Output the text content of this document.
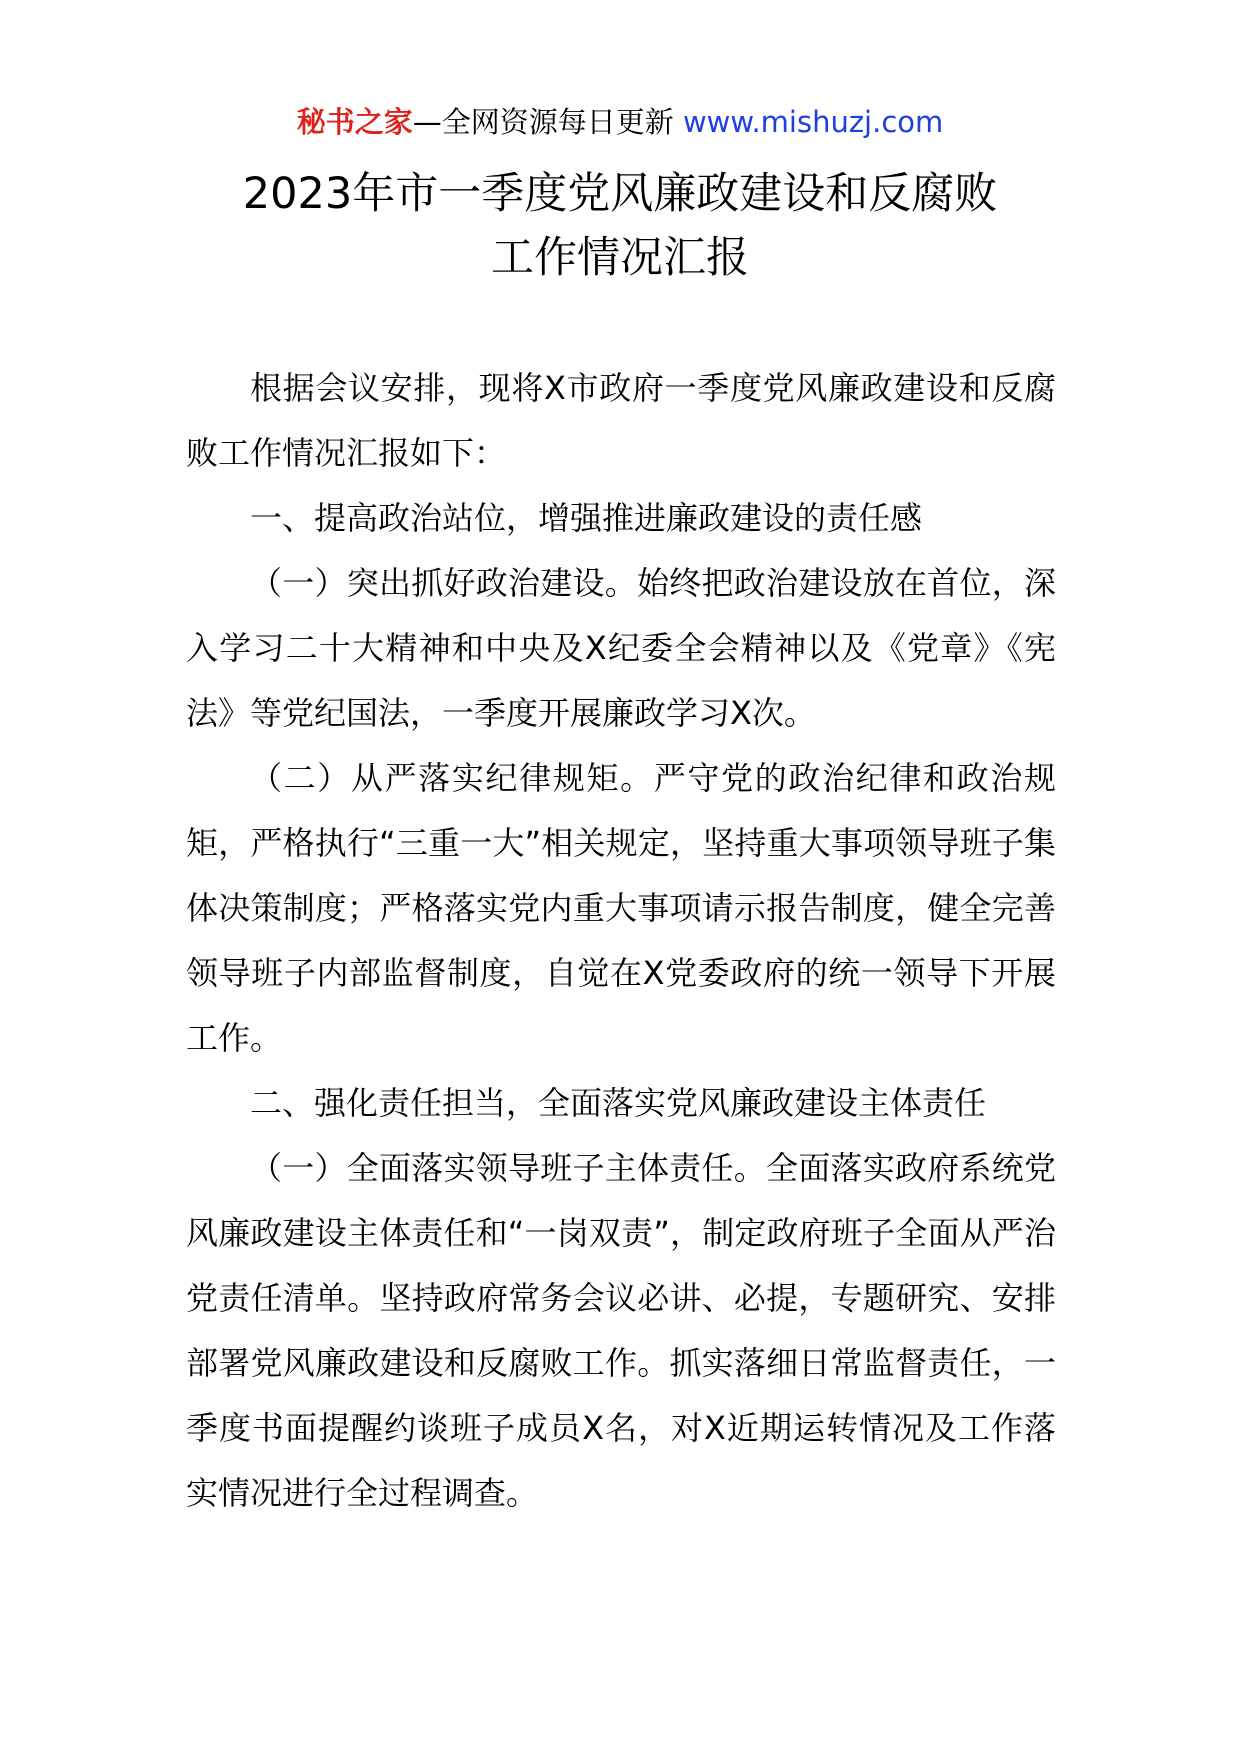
秘书之家—全网资源每日更新 www.mishuzj.com
2023年市一季度党风廉政建设和反腐败
工作情况汇报

根据会议安排，现将X市政府一季度党风廉政建设和反腐败工作情况汇报如下：

一、提高政治站位，增强推进廉政建设的责任感

（一）突出抓好政治建设。始终把政治建设放在首位，深入学习二十大精神和中央及X纪委全会精神以及《党章》《宪法》等党纪国法，一季度开展廉政学习X次。

（二）从严落实纪律规矩。严守党的政治纪律和政治规矩，严格执行“三重一大”相关规定，坚持重大事项领导班子集体决策制度；严格落实党内重大事项请示报告制度，健全完善领导班子内部监督制度，自觉在X党委政府的统一领导下开展工作。

二、强化责任担当，全面落实党风廉政建设主体责任

（一）全面落实领导班子主体责任。全面落实政府系统党风廉政建设主体责任和“一岗双责”，制定政府班子全面从严治党责任清单。坚持政府常务会议必讲、必提，专题研究、安排部署党风廉政建设和反腐败工作。抓实落细日常监督责任，一季度书面提醒约谈班子成员X名，对X近期运转情况及工作落实情况进行全过程调查。
